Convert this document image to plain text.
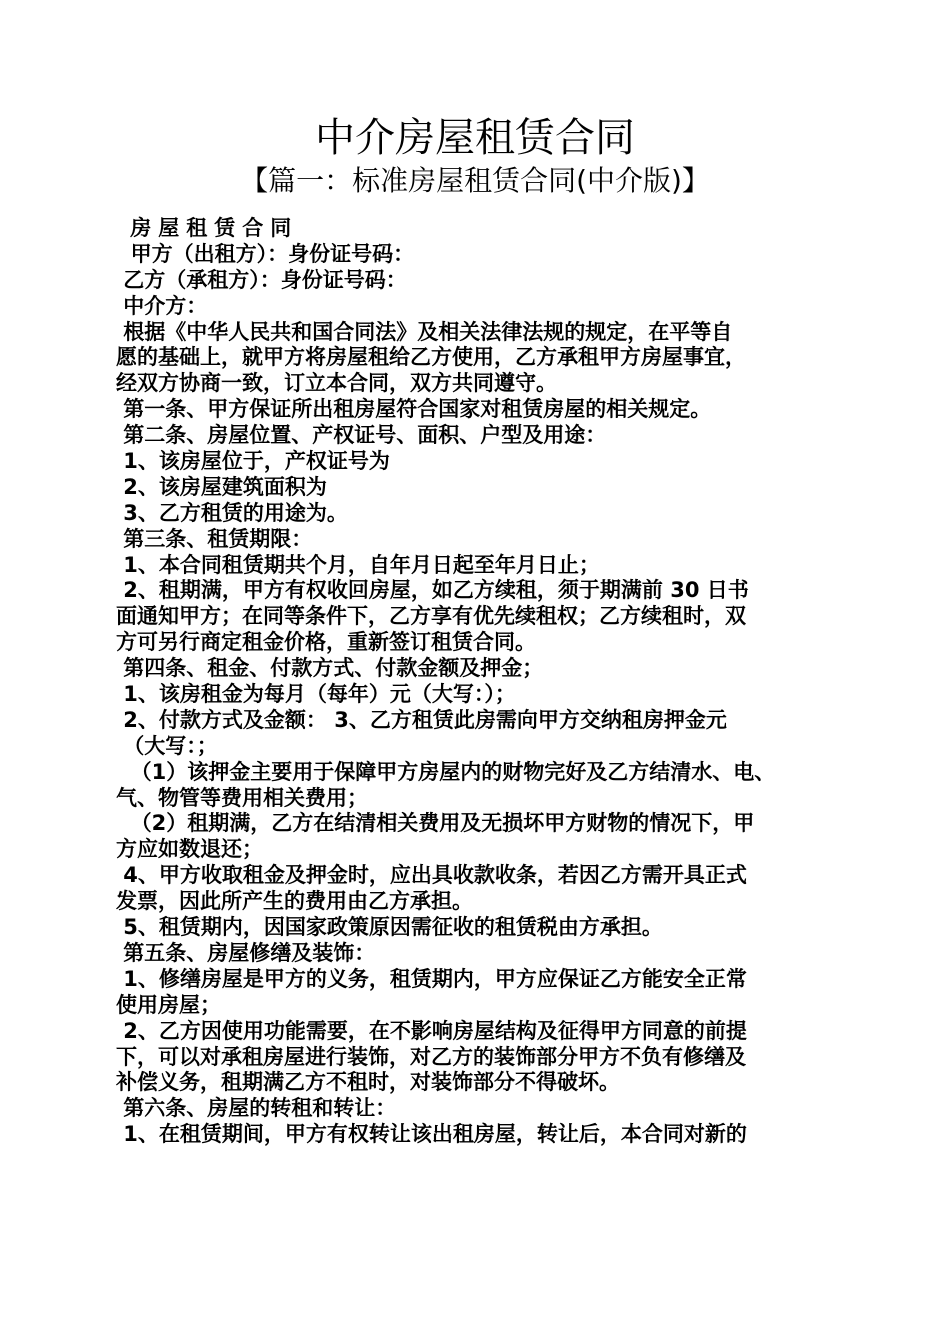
中介房屋租赁合同
【篇一：标准房屋租赁合同(中介版)】
房屋租赁合同
甲方（出租方）：身份证号码：
乙方（承租方）：身份证号码：
中介方：
根据《中华人民共和国合同法》及相关法律法规的规定，在平等自
愿的基础上，就甲方将房屋租给乙方使用，乙方承租甲方房屋事宜，
经双方协商一致，订立本合同，双方共同遵守。
第一条、甲方保证所出租房屋符合国家对租赁房屋的相关规定。
第二条、房屋位置、产权证号、面积、户型及用途：
1、该房屋位于，产权证号为
2、该房屋建筑面积为
3、乙方租赁的用途为。
第三条、租赁期限：
1、本合同租赁期共个月，自年月日起至年月日止；
2、租期满，甲方有权收回房屋，如乙方续租，须于期满前 30 日书
面通知甲方；在同等条件下，乙方享有优先续租权；乙方续租时，双
方可另行商定租金价格，重新签订租赁合同。
第四条、租金、付款方式、付款金额及押金；
1、该房租金为每月（每年）元（大写：）；
2、付款方式及金额： 3、乙方租赁此房需向甲方交纳租房押金元
（大写：；
（1）该押金主要用于保障甲方房屋内的财物完好及乙方结清水、电、
气、物管等费用相关费用；
（2）租期满，乙方在结清相关费用及无损坏甲方财物的情况下，甲
方应如数退还；
4、甲方收取租金及押金时，应出具收款收条，若因乙方需开具正式
发票，因此所产生的费用由乙方承担。
5、租赁期内，因国家政策原因需征收的租赁税由方承担。
第五条、房屋修缮及装饰：
1、修缮房屋是甲方的义务，租赁期内，甲方应保证乙方能安全正常
使用房屋；
2、乙方因使用功能需要，在不影响房屋结构及征得甲方同意的前提
下，可以对承租房屋进行装饰，对乙方的装饰部分甲方不负有修缮及
补偿义务，租期满乙方不租时，对装饰部分不得破坏。
第六条、房屋的转租和转让：
1、在租赁期间，甲方有权转让该出租房屋，转让后，本合同对新的
